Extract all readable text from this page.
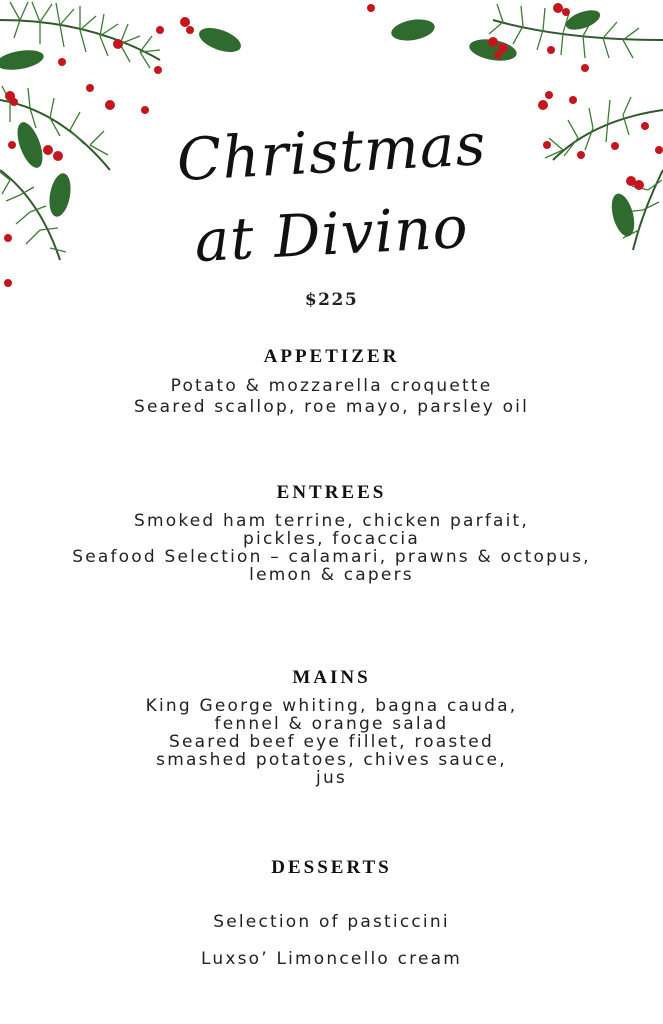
Christmas
at Divino
$225
APPETIZER

Potato & mozzarella croquette

Seared scallop, roe mayo, parsley oil

ENTREES

Smoked ham terrine, chicken parfait,

pickles, focaccia

Seafood Selection – calamari, prawns & octopus,

lemon & capers

MAINS

King George whiting, bagna cauda,

fennel & orange salad

Seared beef eye fillet, roasted

smashed potatoes, chives sauce,

jus

DESSERTS

Selection of pasticcini

Luxso’ Limoncello cream
